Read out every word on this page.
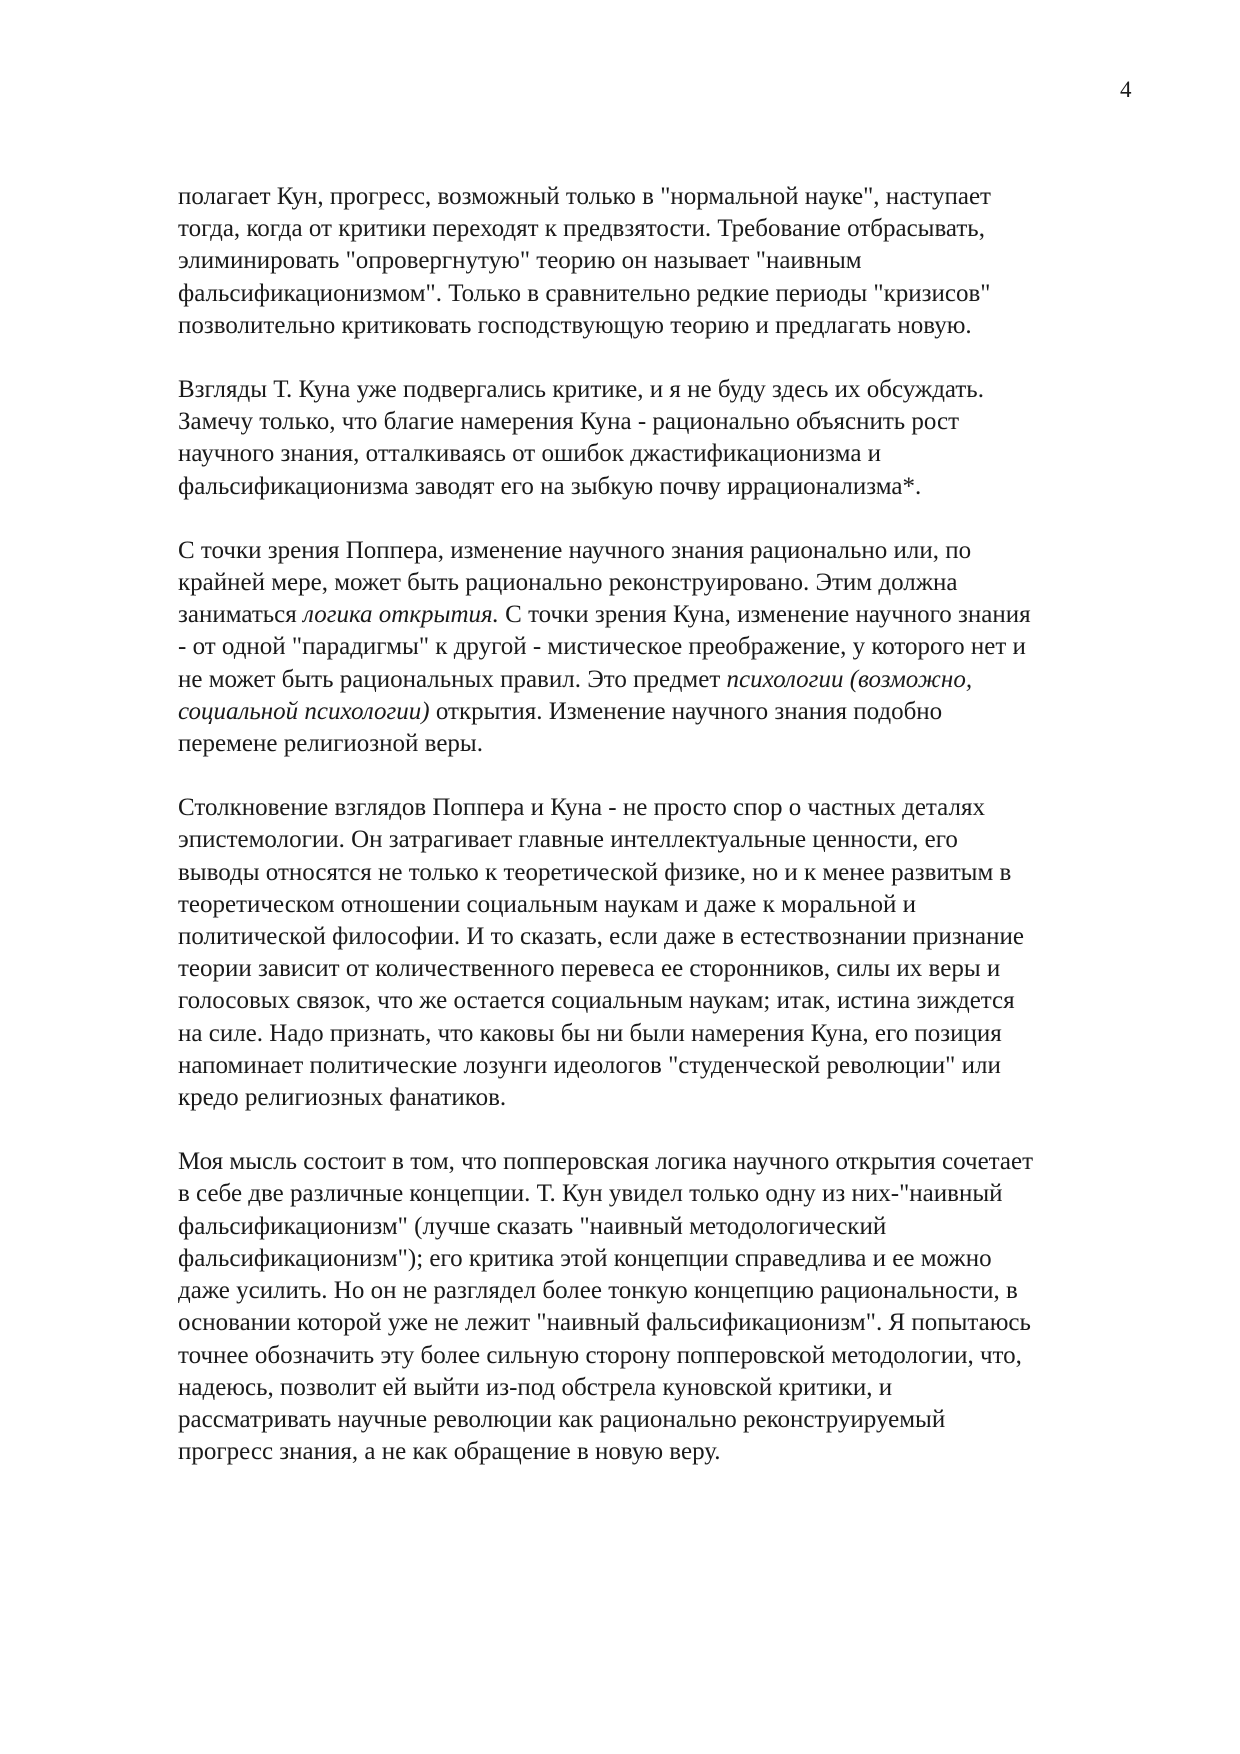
4

полагает Кун, прогресс, возможный только в "нормальной науке", наступает
тогда, когда от критики переходят к предвзятости. Требование отбрасывать,
элиминировать "опровергнутую" теорию он называет "наивным
фальсификационизмом". Только в сравнительно редкие периоды "кризисов"
позволительно критиковать господствующую теорию и предлагать новую.

Взгляды Т. Куна уже подвергались критике, и я не буду здесь их обсуждать.
Замечу только, что благие намерения Куна - рационально объяснить рост
научного знания, отталкиваясь от ошибок джастификационизма и
фальсификационизма заводят его на зыбкую почву иррационализма*.

С точки зрения Поппера, изменение научного знания рационально или, по
крайней мере, может быть рационально реконструировано. Этим должна
заниматься логика открытия. С точки зрения Куна, изменение научного знания
- от одной "парадигмы" к другой - мистическое преображение, у которого нет и
не может быть рациональных правил. Это предмет психологии (возможно,
социальной психологии) открытия. Изменение научного знания подобно
перемене религиозной веры.

Столкновение взглядов Поппера и Куна - не просто спор о частных деталях
эпистемологии. Он затрагивает главные интеллектуальные ценности, его
выводы относятся не только к теоретической физике, но и к менее развитым в
теоретическом отношении социальным наукам и даже к моральной и
политической философии. И то сказать, если даже в естествознании признание
теории зависит от количественного перевеса ее сторонников, силы их веры и
голосовых связок, что же остается социальным наукам; итак, истина зиждется
на силе. Надо признать, что каковы бы ни были намерения Куна, его позиция
напоминает политические лозунги идеологов "студенческой революции" или
кредо религиозных фанатиков.

Моя мысль состоит в том, что попперовская логика научного открытия сочетает
в себе две различные концепции. Т. Кун увидел только одну из них-"наивный
фальсификационизм" (лучше сказать "наивный методологический
фальсификационизм"); его критика этой концепции справедлива и ее можно
даже усилить. Но он не разглядел более тонкую концепцию рациональности, в
основании которой уже не лежит "наивный фальсификационизм". Я попытаюсь
точнее обозначить эту более сильную сторону попперовской методологии, что,
надеюсь, позволит ей выйти из-под обстрела куновской критики, и
рассматривать научные революции как рационально реконструируемый
прогресс знания, а не как обращение в новую веру.
